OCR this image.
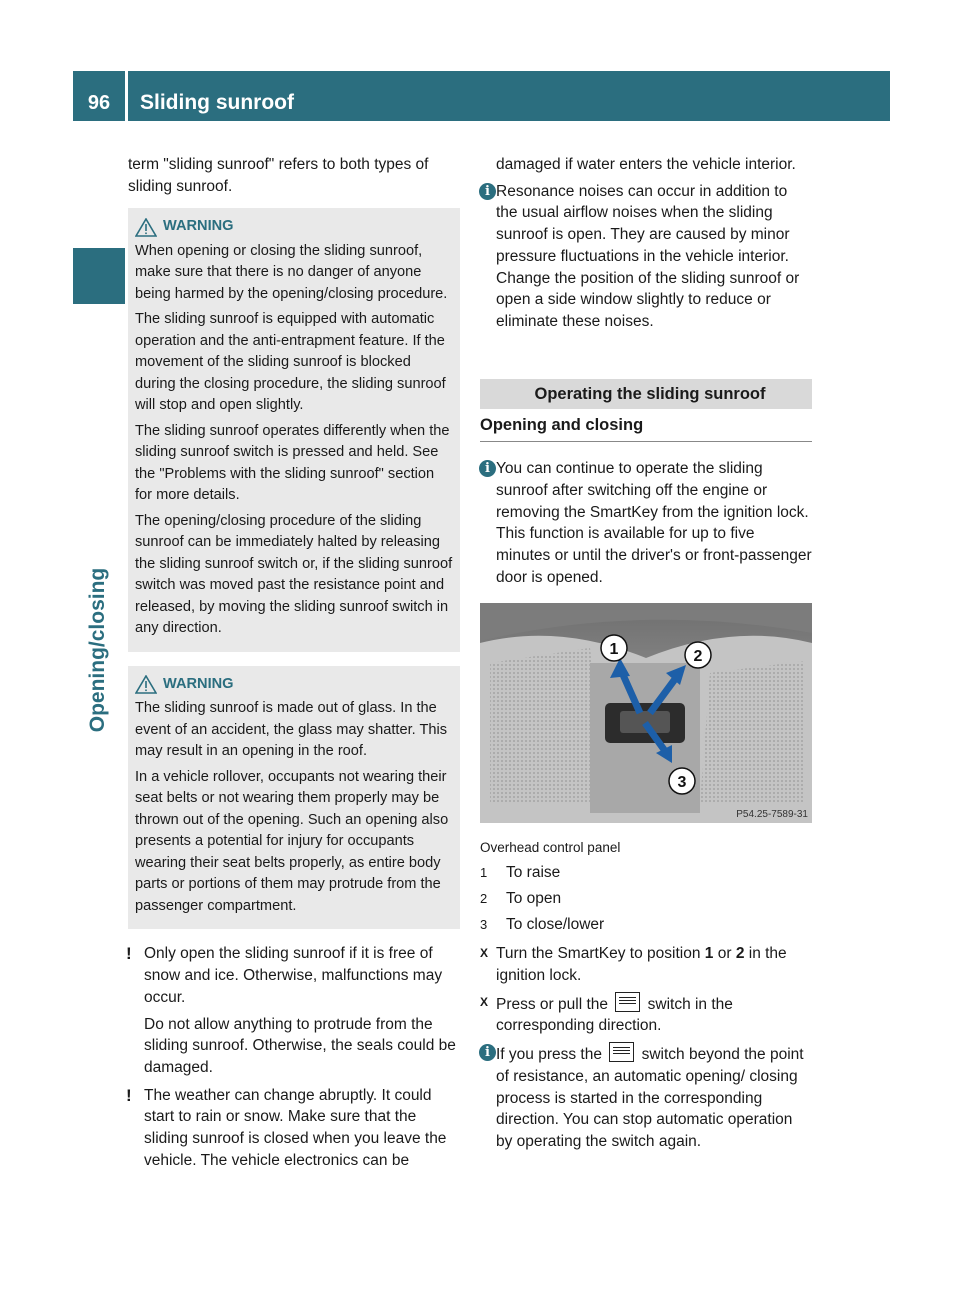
96	Sliding sunroof
Opening/closing

term "sliding sunroof" refers to both types of sliding sunroof.

WARNING

When opening or closing the sliding sunroof, make sure that there is no danger of anyone being harmed by the opening/closing procedure.

The sliding sunroof is equipped with automatic operation and the anti-entrapment feature. If the movement of the sliding sunroof is blocked during the closing procedure, the sliding sunroof will stop and open slightly.

The sliding sunroof operates differently when the sliding sunroof switch is pressed and held. See the "Problems with the sliding sunroof" section for more details.

The opening/closing procedure of the sliding sunroof can be immediately halted by releasing the sliding sunroof switch or, if the sliding sunroof switch was moved past the resistance point and released, by moving the sliding sunroof switch in any direction.

WARNING

The sliding sunroof is made out of glass. In the event of an accident, the glass may shatter. This may result in an opening in the roof.

In a vehicle rollover, occupants not wearing their seat belts or not wearing them properly may be thrown out of the opening. Such an opening also presents a potential for injury for occupants wearing their seat belts properly, as entire body parts or portions of them may protrude from the passenger compartment.

! Only open the sliding sunroof if it is free of snow and ice. Otherwise, malfunctions may occur.

Do not allow anything to protrude from the sliding sunroof. Otherwise, the seals could be damaged.

! The weather can change abruptly. It could start to rain or snow. Make sure that the sliding sunroof is closed when you leave the vehicle. The vehicle electronics can be

damaged if water enters the vehicle interior.

i Resonance noises can occur in addition to the usual airflow noises when the sliding sunroof is open. They are caused by minor pressure fluctuations in the vehicle interior. Change the position of the sliding sunroof or open a side window slightly to reduce or eliminate these noises.

Operating the sliding sunroof
Opening and closing
i You can continue to operate the sliding sunroof after switching off the engine or removing the SmartKey from the ignition lock. This function is available for up to five minutes or until the driver's or front-passenger door is opened.

1	2
3
P54.25-7589-31
Overhead control panel
1	To raise
2	To open
3	To close/lower
X Turn the SmartKey to position 1 or 2 in the ignition lock.
X Press or pull the  switch in the corresponding direction.
i If you press the  switch beyond the point of resistance, an automatic opening/ closing process is started in the corresponding direction. You can stop automatic operation by operating the switch again.
